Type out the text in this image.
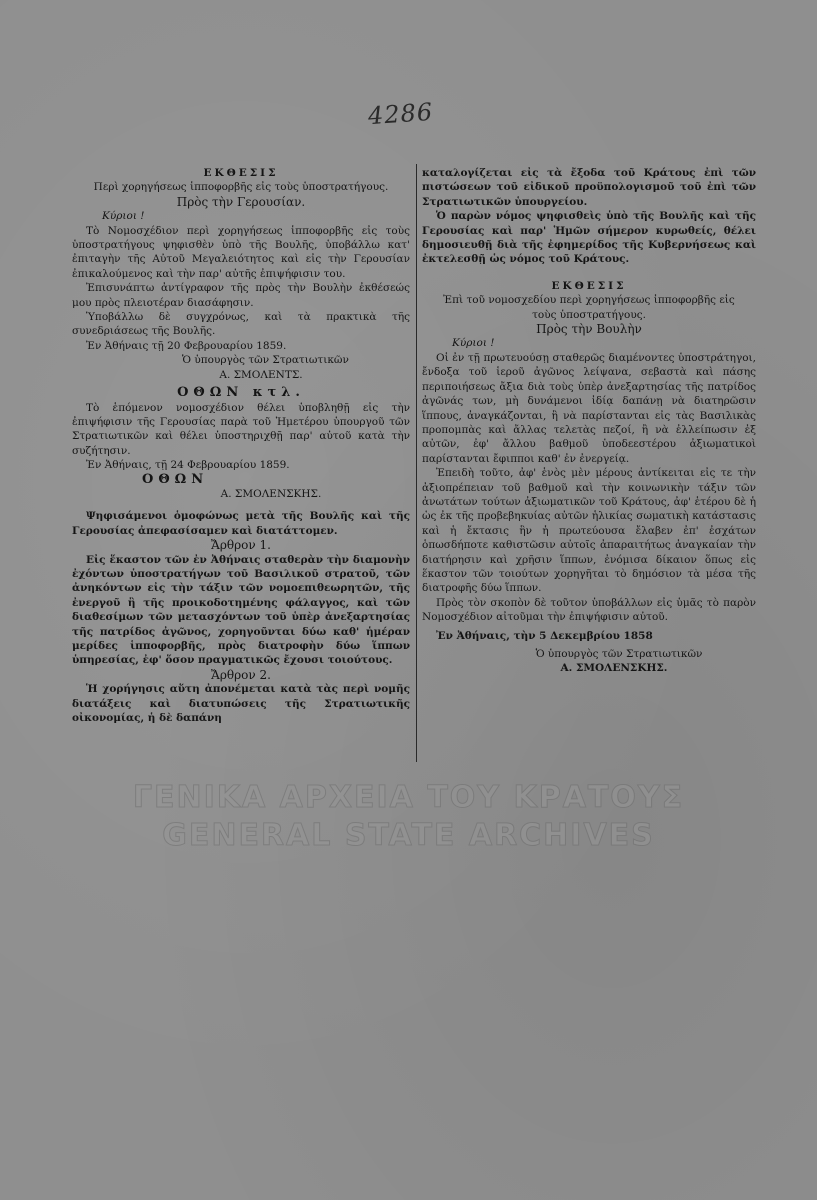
4286

ΕΚΘΕΣΙΣ

Περὶ χορηγήσεως ἱπποφορβῆς εἰς τοὺς ὑποστρατήγους.

Πρὸς τὴν Γερουσίαν.

Κύριοι !

Τὸ Νομοσχέδιον περὶ χορηγήσεως ἱπποφορβῆς εἰς τοὺς ὑποστρατήγους ψηφισθὲν ὑπὸ τῆς Βουλῆς, ὑποβάλλω κατ' ἐπιταγὴν τῆς Αὐτοῦ Μεγαλειότητος καὶ εἰς τὴν Γερουσίαν ἐπικαλούμενος καὶ τὴν παρ' αὐτῆς ἐπιψήφισιν του.

Ἐπισυνάπτω ἀντίγραφον τῆς πρὸς τὴν Βουλὴν ἐκθέσεώς μου πρὸς πλειοτέραν διασάφησιν.

Ὑποβάλλω δὲ συγχρόνως, καὶ τὰ πρακτικὰ τῆς συνεδριάσεως τῆς Βουλῆς.

Ἐν Ἀθήναις τῇ 20 Φεβρουαρίου 1859.

Ὁ ὑπουργὸς τῶν Στρατιωτικῶν

Α. ΣΜΟΛΕΝΤΣ.

ΟΘΩΝ κτλ.

Τὸ ἑπόμενον νομοσχέδιον θέλει ὑποβληθῇ εἰς τὴν ἐπιψήφισιν τῆς Γερουσίας παρὰ τοῦ Ἡμετέρου ὑπουργοῦ τῶν Στρατιωτικῶν καὶ θέλει ὑποστηριχθῇ παρ' αὐτοῦ κατὰ τὴν συζήτησιν.

Ἐν Ἀθήναις, τῇ 24 Φεβρουαρίου 1859.

ΟΘΩΝ

Α. ΣΜΟΛΕΝΣΚΗΣ.

Ψηφισάμενοι ὁμοφώνως μετὰ τῆς Βουλῆς καὶ τῆς Γερουσίας ἀπεφασίσαμεν καὶ διατάττομεν.

Ἄρθρον 1.

Εἰς ἕκαστον τῶν ἐν Ἀθήναις σταθερὰν τὴν διαμονὴν ἐχόντων ὑποστρατήγων τοῦ Βασιλικοῦ στρατοῦ, τῶν ἀνηκόντων εἰς τὴν τάξιν τῶν νομοεπιθεωρητῶν, τῆς ἐνεργοῦ ἢ τῆς προικοδοτημένης φάλαγγος, καὶ τῶν διαθεσίμων τῶν μετασχόντων τοῦ ὑπὲρ ἀνεξαρτησίας τῆς πατρίδος ἀγῶνος, χορηγοῦνται δύω καθ' ἡμέραν μερίδες ἱπποφορβῆς, πρὸς διατροφὴν δύω ἵππων ὑπηρεσίας, ἐφ' ὅσον πραγματικῶς ἔχουσι τοιούτους.

Ἄρθρον 2.

Ἡ χορήγησις αὕτη ἀπονέμεται κατὰ τὰς περὶ νομῆς διατάξεις καὶ διατυπώσεις τῆς Στρατιωτικῆς οἰκονομίας, ἡ δὲ δαπάνη

καταλογίζεται εἰς τὰ ἔξοδα τοῦ Κράτους ἐπὶ τῶν πιστώσεων τοῦ εἰδικοῦ προϋπολογισμοῦ τοῦ ἐπὶ τῶν Στρατιωτικῶν ὑπουργείου.

Ὁ παρὼν νόμος ψηφισθεὶς ὑπὸ τῆς Βουλῆς καὶ τῆς Γερουσίας καὶ παρ' Ἡμῶν σήμερον κυρωθείς, θέλει δημοσιευθῇ διὰ τῆς ἐφημερίδος τῆς Κυβερνήσεως καὶ ἐκτελεσθῇ ὡς νόμος τοῦ Κράτους.

ΕΚΘΕΣΙΣ

Ἐπὶ τοῦ νομοσχεδίου περὶ χορηγήσεως ἱπποφορβῆς εἰς τοὺς ὑποστρατήγους.

Πρὸς τὴν Βουλὴν

Κύριοι !

Οἱ ἐν τῇ πρωτευούσῃ σταθερῶς διαμένοντες ὑποστράτηγοι, ἔνδοξα τοῦ ἱεροῦ ἀγῶνος λείψανα, σεβαστὰ καὶ πάσης περιποιήσεως ἄξια διὰ τοὺς ὑπὲρ ἀνεξαρτησίας τῆς πατρίδος ἀγῶνάς των, μὴ δυνάμενοι ἰδίᾳ δαπάνῃ νὰ διατηρῶσιν ἵππους, ἀναγκάζονται, ἢ νὰ παρίστανται εἰς τὰς Βασιλικὰς προπομπὰς καὶ ἄλλας τελετὰς πεζοί, ἢ νὰ ἐλλείπωσιν ἐξ αὐτῶν, ἐφ' ἄλλου βαθμοῦ ὑποδεεστέρου ἀξιωματικοὶ παρίστανται ἔφιπποι καθ' ἐν ἐνεργείᾳ.

Ἐπειδὴ τοῦτο, ἀφ' ἑνὸς μὲν μέρους ἀντίκειται εἰς τε τὴν ἀξιοπρέπειαν τοῦ βαθμοῦ καὶ τὴν κοινωνικὴν τάξιν τῶν ἀνωτάτων τούτων ἀξιωματικῶν τοῦ Κράτους, ἀφ' ἑτέρου δὲ ἡ ὡς ἐκ τῆς προβεβηκυίας αὐτῶν ἡλικίας σωματικὴ κατάστασις καὶ ἡ ἔκτασις ἣν ἡ πρωτεύουσα ἔλαβεν ἐπ' ἐσχάτων ὁπωσδήποτε καθιστῶσιν αὐτοῖς ἀπαραιτήτως ἀναγκαίαν τὴν διατήρησιν καὶ χρῆσιν ἵππων, ἐνόμισα δίκαιον ὅπως εἰς ἕκαστον τῶν τοιούτων χορηγῆται τὸ δημόσιον τὰ μέσα τῆς διατροφῆς δύω ἵππων.

Πρὸς τὸν σκοπὸν δὲ τοῦτον ὑποβάλλων εἰς ὑμᾶς τὸ παρὸν Νομοσχέδιον αἰτοῦμαι τὴν ἐπιψήφισιν αὐτοῦ.

Ἐν Ἀθήναις, τὴν 5 Δεκεμβρίου 1858

Ὁ ὑπουργὸς τῶν Στρατιωτικῶν

Α. ΣΜΟΛΕΝΣΚΗΣ.

ΓΕΝΙΚΑ ΑΡΧΕΙΑ ΤΟΥ ΚΡΑΤΟΥΣ
GENERAL STATE ARCHIVES
